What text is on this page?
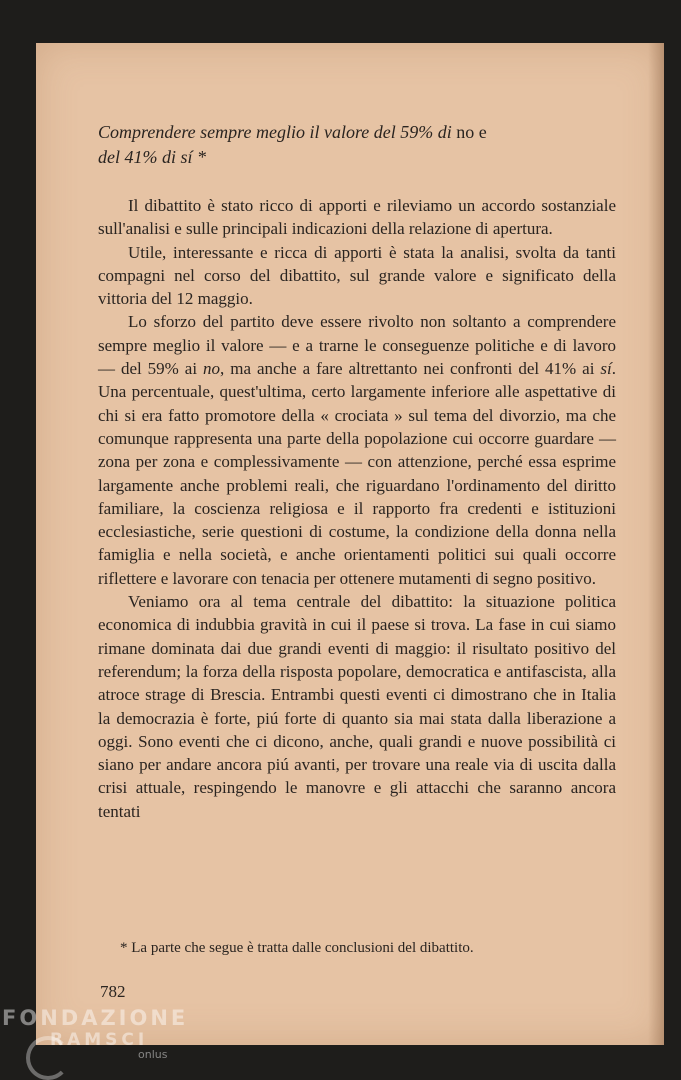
Comprendere sempre meglio il valore del 59% di no e
del 41% di sí *

Il dibattito è stato ricco di apporti e rileviamo un accordo sostanziale sull'analisi e sulle principali indicazioni della relazione di apertura.

Utile, interessante e ricca di apporti è stata la analisi, svolta da tanti compagni nel corso del dibattito, sul grande valore e significato della vittoria del 12 maggio.

Lo sforzo del partito deve essere rivolto non soltanto a comprendere sempre meglio il valore — e a trarne le conseguenze politiche e di lavoro — del 59% ai no, ma anche a fare altrettanto nei confronti del 41% ai sí. Una percentuale, quest'ultima, certo largamente inferiore alle aspettative di chi si era fatto promotore della « crociata » sul tema del divorzio, ma che comunque rappresenta una parte della popolazione cui occorre guardare — zona per zona e complessivamente — con attenzione, perché essa esprime largamente anche problemi reali, che riguardano l'ordinamento del diritto familiare, la coscienza religiosa e il rapporto fra credenti e istituzioni ecclesiastiche, serie questioni di costume, la condizione della donna nella famiglia e nella società, e anche orientamenti politici sui quali occorre riflettere e lavorare con tenacia per ottenere mutamenti di segno positivo.

Veniamo ora al tema centrale del dibattito: la situazione politica economica di indubbia gravità in cui il paese si trova. La fase in cui siamo rimane dominata dai due grandi eventi di maggio: il risultato positivo del referendum; la forza della risposta popolare, democratica e antifascista, alla atroce strage di Brescia. Entrambi questi eventi ci dimostrano che in Italia la democrazia è forte, piú forte di quanto sia mai stata dalla liberazione a oggi. Sono eventi che ci dicono, anche, quali grandi e nuove possibilità ci siano per andare ancora piú avanti, per trovare una reale via di uscita dalla crisi attuale, respingendo le manovre e gli attacchi che saranno ancora tentati

* La parte che segue è tratta dalle conclusioni del dibattito.
782
FONDAZIONE
RAMSCI
onlus
